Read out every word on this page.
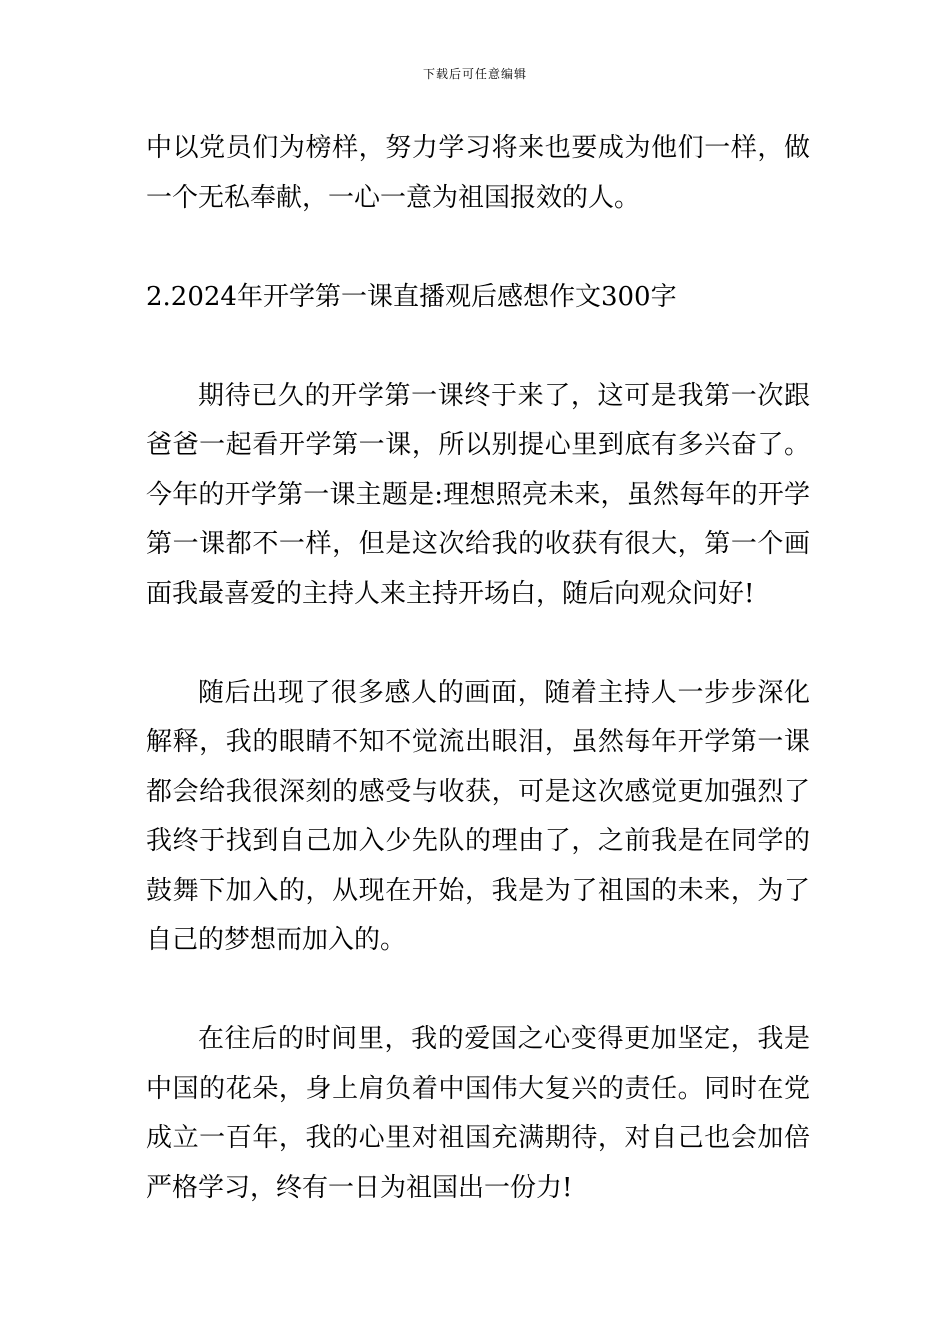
下载后可任意编辑

中以党员们为榜样，努力学习将来也要成为他们一样，做一个无私奉献，一心一意为祖国报效的人。

2.2024年开学第一课直播观后感想作文300字

期待已久的开学第一课终于来了，这可是我第一次跟爸爸一起看开学第一课，所以别提心里到底有多兴奋了。今年的开学第一课主题是:理想照亮未来，虽然每年的开学第一课都不一样，但是这次给我的收获有很大，第一个画面我最喜爱的主持人来主持开场白，随后向观众问好!

随后出现了很多感人的画面，随着主持人一步步深化解释，我的眼睛不知不觉流出眼泪，虽然每年开学第一课都会给我很深刻的感受与收获，可是这次感觉更加强烈了我终于找到自己加入少先队的理由了，之前我是在同学的鼓舞下加入的，从现在开始，我是为了祖国的未来，为了自己的梦想而加入的。

在往后的时间里，我的爱国之心变得更加坚定，我是中国的花朵，身上肩负着中国伟大复兴的责任。同时在党成立一百年，我的心里对祖国充满期待，对自己也会加倍严格学习，终有一日为祖国出一份力!
